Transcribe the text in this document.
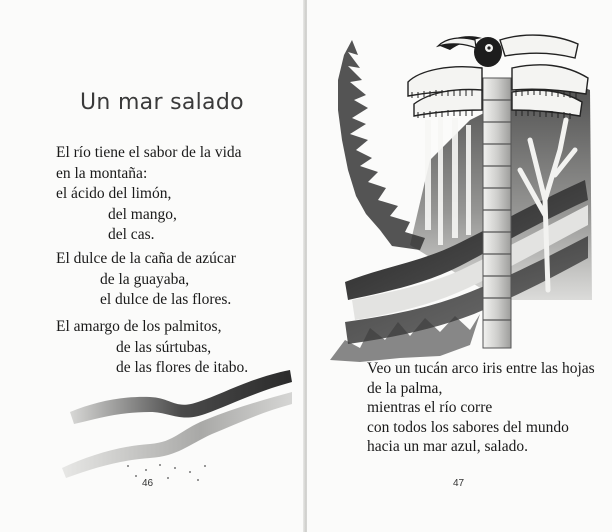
Un mar salado

El río tiene el sabor de la vida
en la montaña:
el ácido del limón,
del mango,
del cas.

El dulce de la caña de azúcar
de la guayaba,
el dulce de las flores.

El amargo de los palmitos,
de las súrtubas,
de las flores de itabo.

46

Veo un tucán arco iris entre las hojas
de la palma,
mientras el río corre
con todos los sabores del mundo
hacia un mar azul, salado.

47
